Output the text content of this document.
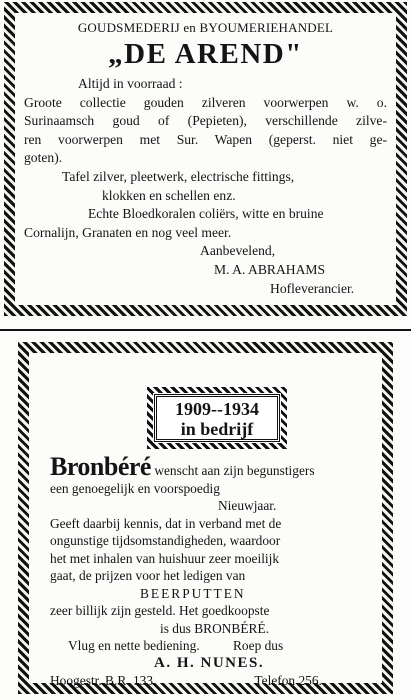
GOUDSMEDERIJ en BYOUMERIEHANDEL
„DE AREND"
Altijd in voorraad :
Groote collectie gouden zilveren voorwerpen w. o.
Surinaamsch goud of (Pepieten), verschillende zilve-
ren voorwerpen met Sur. Wapen (geperst. niet ge-
goten).
Tafel zilver, pleetwerk, electrische fittings,
klokken en schellen enz.
Echte Bloedkoralen coliërs, witte en bruine
Cornalijn, Granaten en nog veel meer.
Aanbevelend,
M. A. ABRAHAMS
Hofleverancier.
1909--1934
in bedrijf
Bronbéré wenscht aan zijn begunstigers
een genoegelijk en voorspoedig
Nieuwjaar.
Geeft daarbij kennis, dat in verband met de
ongunstige tijdsomstandigheden, waardoor
het met inhalen van huishuur zeer moeilijk
gaat, de prijzen voor het ledigen van
BEERPUTTEN
zeer billijk zijn gesteld. Het goedkoopste
is dus BRONBÉRÉ.
Vlug en nette bediening. Roep dus
A. H. NUNES.
Hoogestr. B.R. 133	Telefon 256.
